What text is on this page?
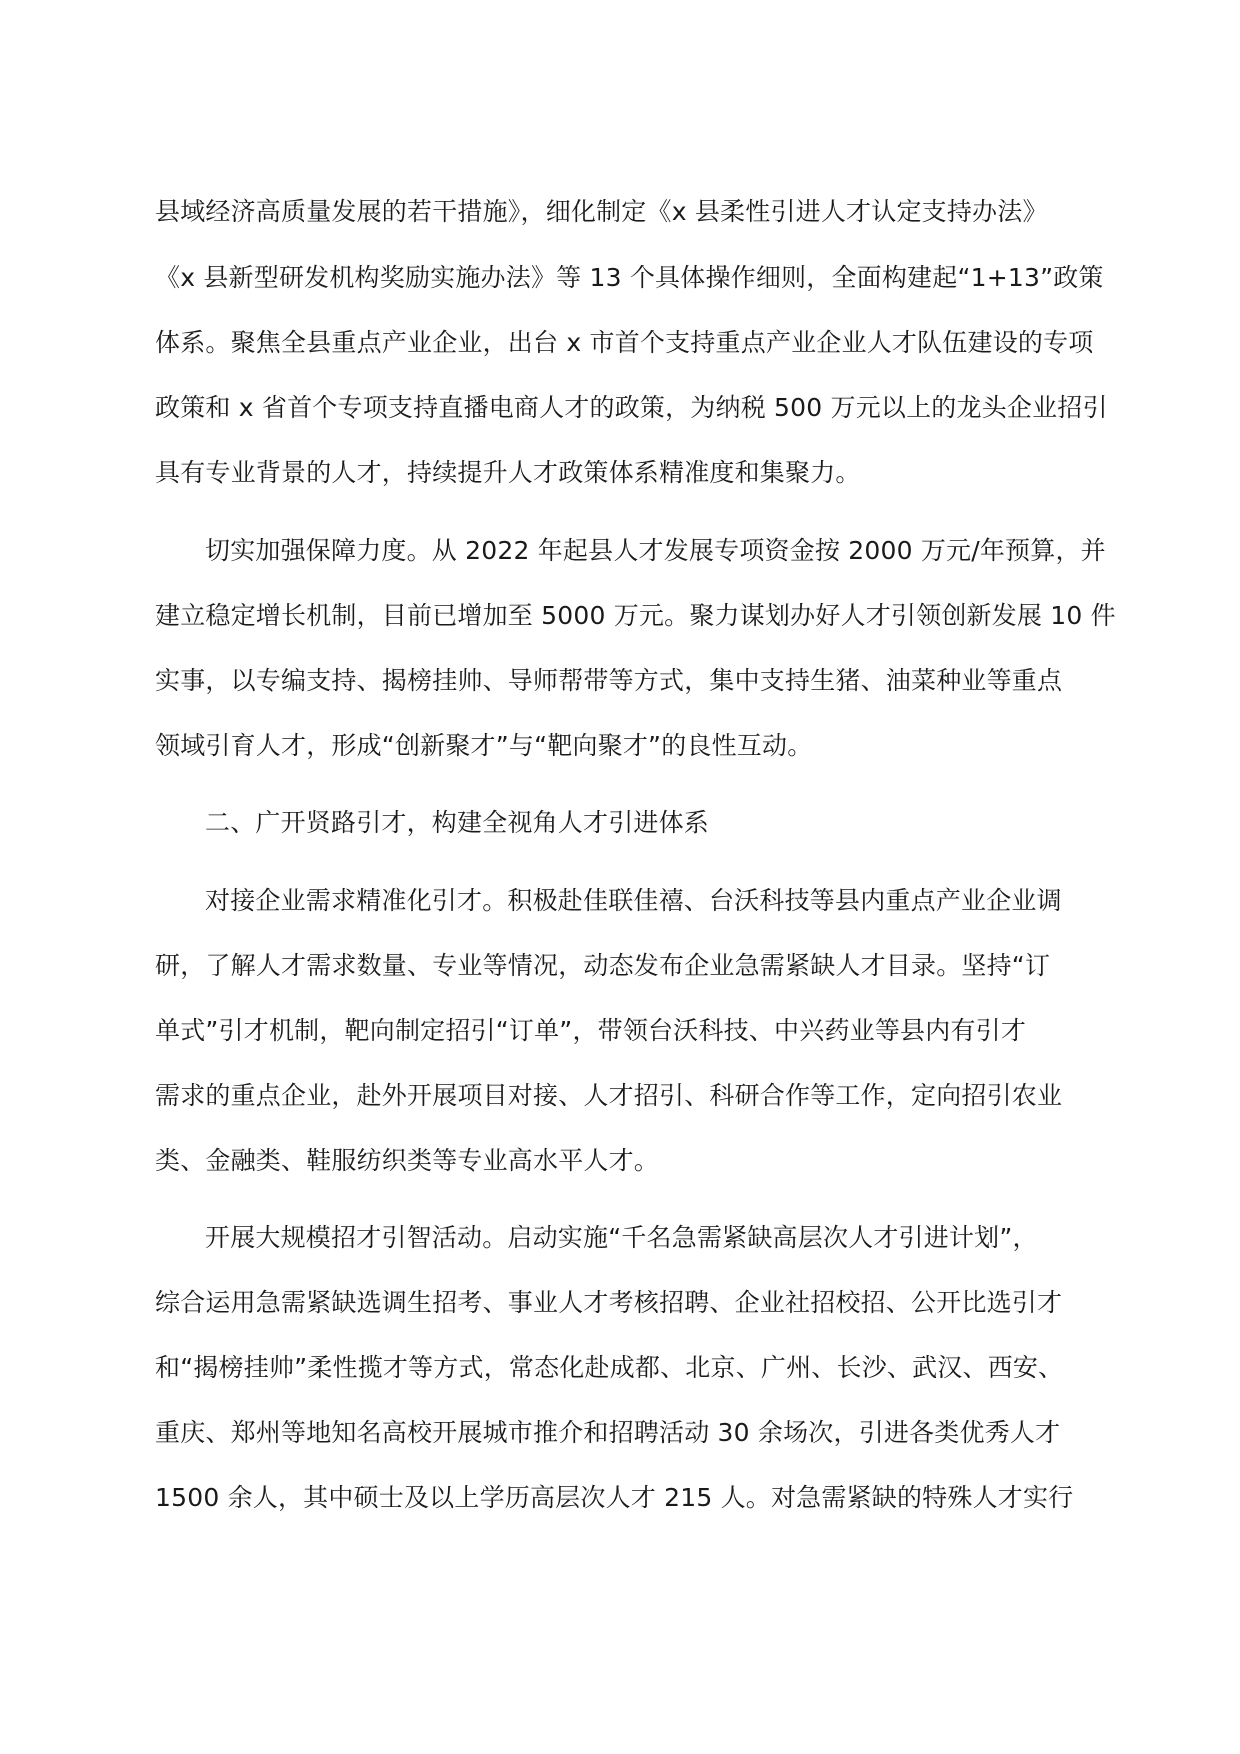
县域经济高质量发展的若干措施》，细化制定《x 县柔性引进人才认定支持办法》

《x 县新型研发机构奖励实施办法》等 13 个具体操作细则，全面构建起“1+13”政策

体系。聚焦全县重点产业企业，出台 x 市首个支持重点产业企业人才队伍建设的专项

政策和 x 省首个专项支持直播电商人才的政策，为纳税 500 万元以上的龙头企业招引

具有专业背景的人才，持续提升人才政策体系精准度和集聚力。

切实加强保障力度。从 2022 年起县人才发展专项资金按 2000 万元/年预算，并

建立稳定增长机制，目前已增加至 5000 万元。聚力谋划办好人才引领创新发展 10 件

实事，以专编支持、揭榜挂帅、导师帮带等方式，集中支持生猪、油菜种业等重点

领域引育人才，形成“创新聚才”与“靶向聚才”的良性互动。

二、广开贤路引才，构建全视角人才引进体系

对接企业需求精准化引才。积极赴佳联佳禧、台沃科技等县内重点产业企业调

研，了解人才需求数量、专业等情况，动态发布企业急需紧缺人才目录。坚持“订

单式”引才机制，靶向制定招引“订单”，带领台沃科技、中兴药业等县内有引才

需求的重点企业，赴外开展项目对接、人才招引、科研合作等工作，定向招引农业

类、金融类、鞋服纺织类等专业高水平人才。

开展大规模招才引智活动。启动实施“千名急需紧缺高层次人才引进计划”，

综合运用急需紧缺选调生招考、事业人才考核招聘、企业社招校招、公开比选引才

和“揭榜挂帅”柔性揽才等方式，常态化赴成都、北京、广州、长沙、武汉、西安、

重庆、郑州等地知名高校开展城市推介和招聘活动 30 余场次，引进各类优秀人才

1500 余人，其中硕士及以上学历高层次人才 215 人。对急需紧缺的特殊人才实行
